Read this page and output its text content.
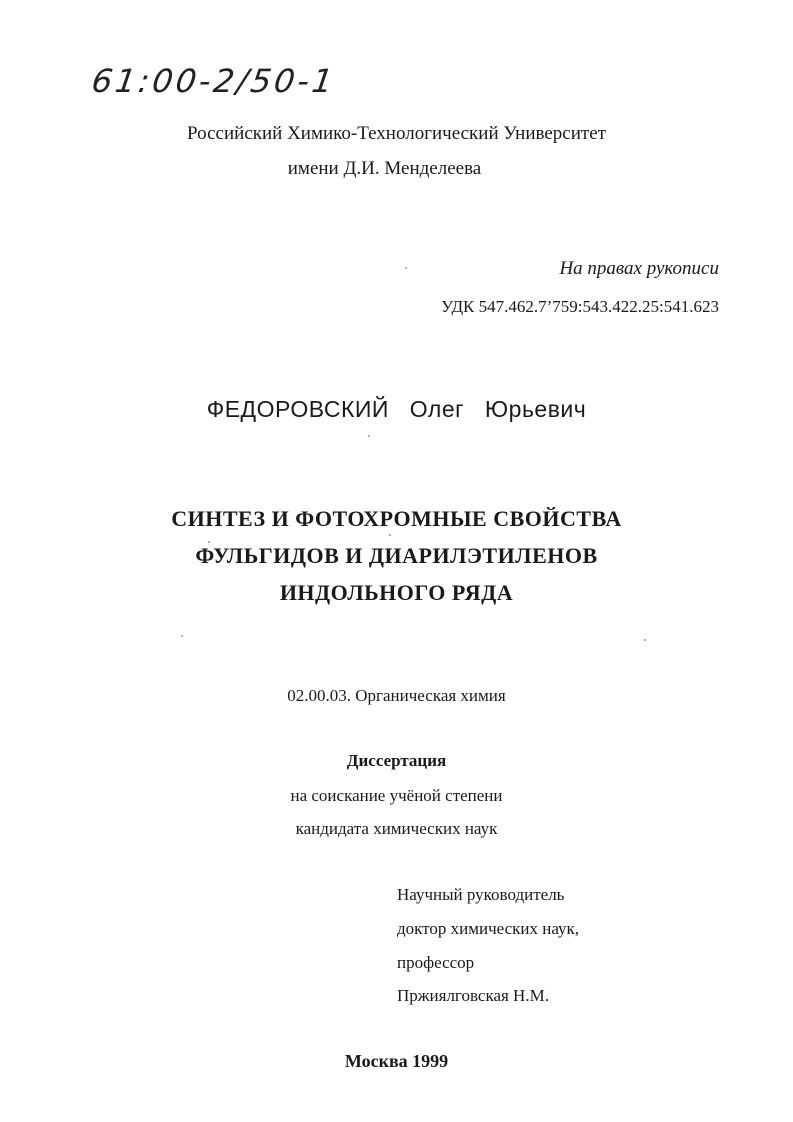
61:00-2/50-1
Российский Химико-Технологический Университет
имени Д.И. Менделеева
На правах рукописи
УДК 547.462.7’759:543.422.25:541.623
ФЕДОРОВСКИЙ Олег Юрьевич
СИНТЕЗ И ФОТОХРОМНЫЕ СВОЙСТВА
ФУЛЬГИДОВ И ДИАРИЛЭТИЛЕНОВ
ИНДОЛЬНОГО РЯДА
02.00.03. Органическая химия
Диссертация
на соискание учёной степени
кандидата химических наук
Научный руководитель
доктор химических наук,
профессор
Пржиялговская Н.М.
Москва 1999
